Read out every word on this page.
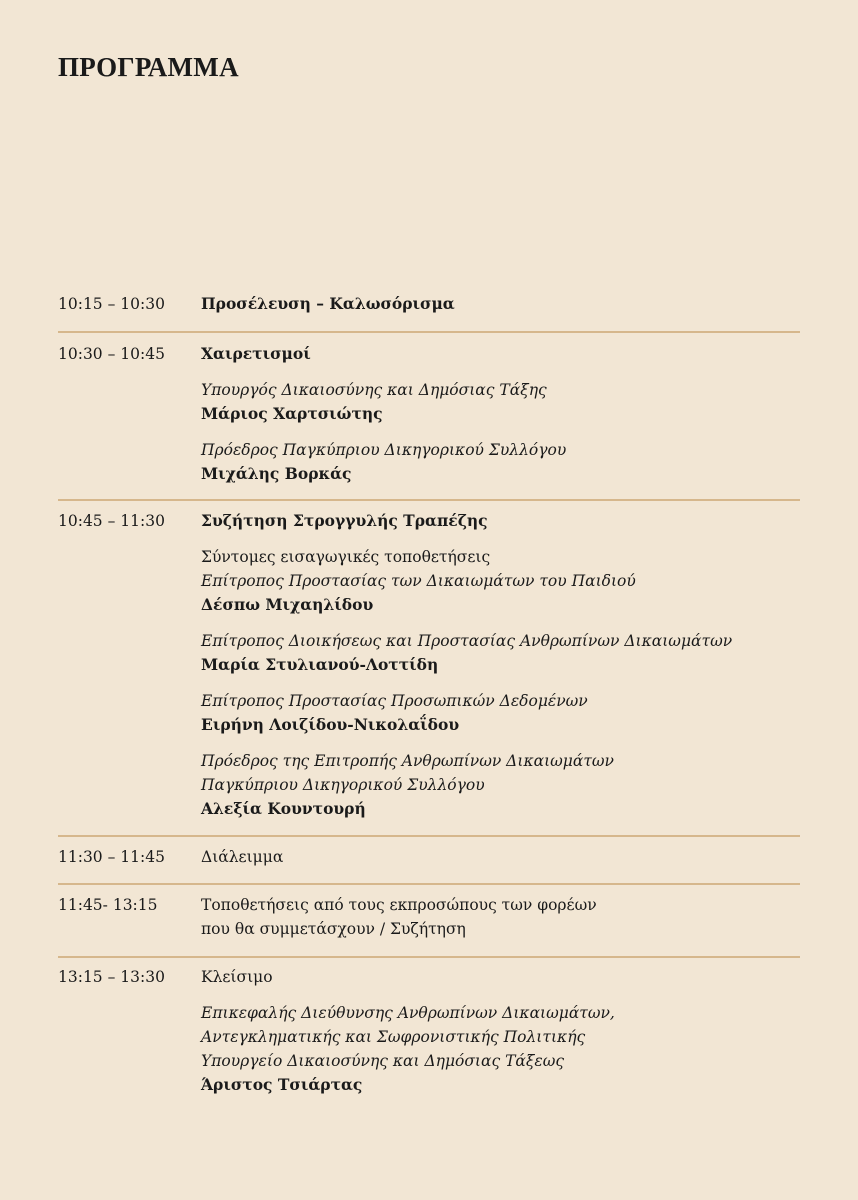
ΠΡΟΓΡΑΜΜΑ
10:15 – 10:30 Προσέλευση – Καλωσόρισμα
10:30 – 10:45 Χαιρετισμοί
Υπουργός Δικαιοσύνης και Δημόσιας Τάξης
Μάριος Χαρτσιώτης
Πρόεδρος Παγκύπριου Δικηγορικού Συλλόγου
Μιχάλης Βορκάς
10:45 – 11:30 Συζήτηση Στρογγυλής Τραπέζης
Σύντομες εισαγωγικές τοποθετήσεις
Επίτροπος Προστασίας των Δικαιωμάτων του Παιδιού
Δέσπω Μιχαηλίδου
Επίτροπος Διοικήσεως και Προστασίας Ανθρωπίνων Δικαιωμάτων
Μαρία Στυλιανού-Λοττίδη
Επίτροπος Προστασίας Προσωπικών Δεδομένων
Ειρήνη Λοιζίδου-Νικολαΐδου
Πρόεδρος της Επιτροπής Ανθρωπίνων Δικαιωμάτων
Παγκύπριου Δικηγορικού Συλλόγου
Αλεξία Κουντουρή
11:30 – 11:45 Διάλειμμα
11:45- 13:15	Τοποθετήσεις από τους εκπροσώπους των φορέων
που θα συμμετάσχουν / Συζήτηση
13:15 – 13:30 Κλείσιμο
Επικεφαλής Διεύθυνσης Ανθρωπίνων Δικαιωμάτων,
Αντεγκληματικής και Σωφρονιστικής Πολιτικής
Υπουργείο Δικαιοσύνης και Δημόσιας Τάξεως
Άριστος Τσιάρτας
